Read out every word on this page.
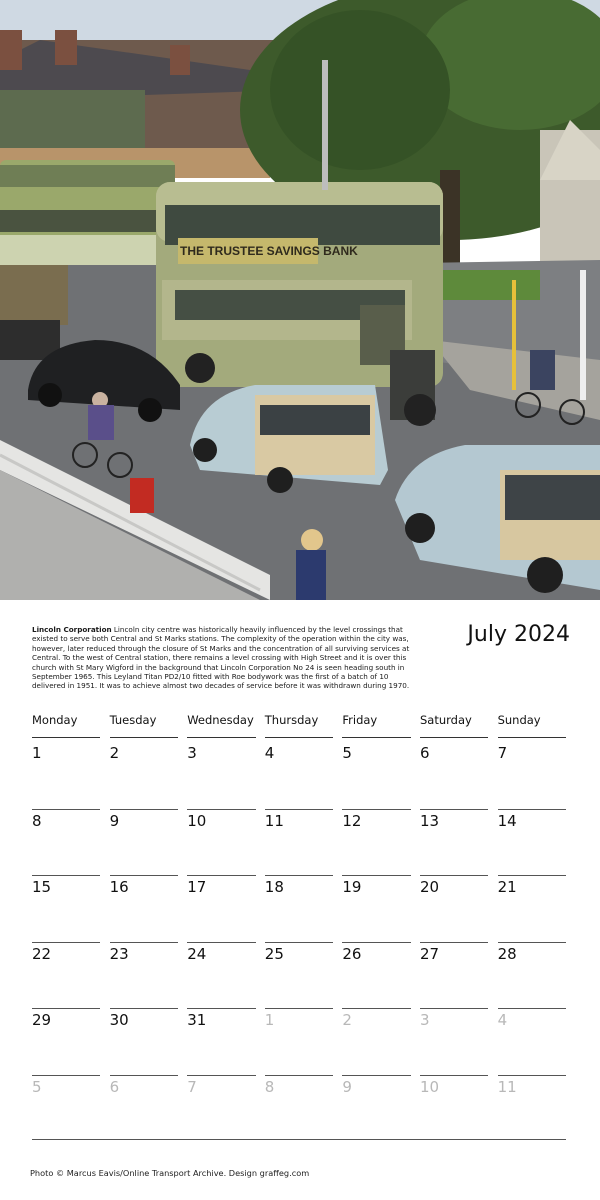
THE TRUSTEE SAVINGS BANK
Lincoln Corporation Lincoln city centre was historically heavily influenced by the level crossings that existed to serve both Central and St Marks stations. The complexity of the operation within the city was, however, later reduced through the closure of St Marks and the concentration of all surviving services at Central. To the west of Central station, there remains a level crossing with High Street and it is over this church with St Mary Wigford in the background that Lincoln Corporation No 24 is seen heading south in September 1965. This Leyland Titan PD2/10 fitted with Roe bodywork was the first of a batch of 10 delivered in 1951. It was to achieve almost two decades of service before it was withdrawn during 1970.
July 2024
Monday	Tuesday	Wednesday Thursday	Friday	Saturday	Sunday
1	2	3	4	5	6	7
8	9	10	11	12	13	14
15	16	17	18	19	20	21
22	23	24	25	26	27	28
29	30	31	1	2	3	4
5	6	7	8	9	10	11
Photo © Marcus Eavis/Online Transport Archive. Design graffeg.com
